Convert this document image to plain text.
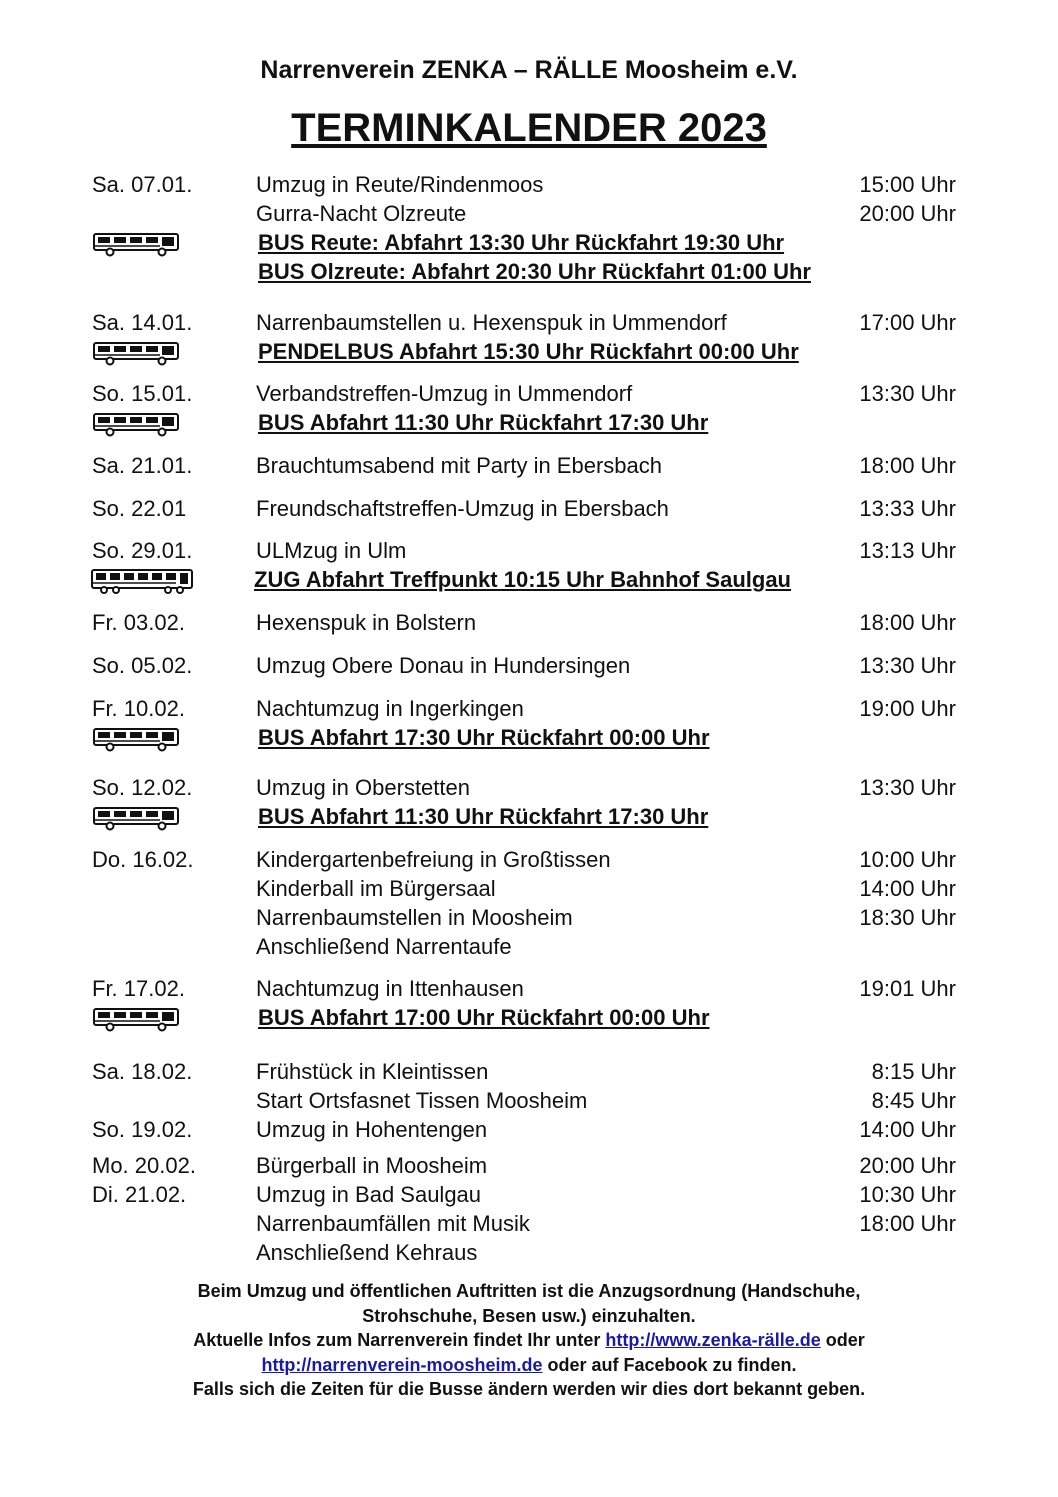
Narrenverein ZENKA – RÄLLE Moosheim e.V.
TERMINKALENDER 2023
Sa. 07.01.	Umzug in Reute/Rindenmoos	15:00 Uhr
Gurra-Nacht Olzreute	20:00 Uhr
BUS Reute: Abfahrt 13:30 Uhr Rückfahrt 19:30 Uhr
BUS Olzreute: Abfahrt 20:30 Uhr Rückfahrt 01:00 Uhr
Sa. 14.01.	Narrenbaumstellen u. Hexenspuk in Ummendorf	17:00 Uhr
PENDELBUS Abfahrt 15:30 Uhr Rückfahrt 00:00 Uhr
So. 15.01.	Verbandstreffen-Umzug in Ummendorf	13:30 Uhr
BUS Abfahrt 11:30 Uhr Rückfahrt 17:30 Uhr
Sa. 21.01.	Brauchtumsabend mit Party in Ebersbach	18:00 Uhr
So. 22.01	Freundschaftstreffen-Umzug in Ebersbach	13:33 Uhr
So. 29.01.	ULMzug in Ulm	13:13 Uhr
ZUG Abfahrt Treffpunkt 10:15 Uhr Bahnhof Saulgau
Fr. 03.02.	Hexenspuk in Bolstern	18:00 Uhr
So. 05.02.	Umzug Obere Donau in Hundersingen	13:30 Uhr
Fr. 10.02.	Nachtumzug in Ingerkingen	19:00 Uhr
BUS Abfahrt 17:30 Uhr Rückfahrt 00:00 Uhr
So. 12.02.	Umzug in Oberstetten	13:30 Uhr
BUS Abfahrt 11:30 Uhr Rückfahrt 17:30 Uhr
Do. 16.02.	Kindergartenbefreiung in Großtissen	10:00 Uhr
Kinderball im Bürgersaal	14:00 Uhr
Narrenbaumstellen in Moosheim	18:30 Uhr
Anschließend Narrentaufe
Fr. 17.02.	Nachtumzug in Ittenhausen	19:01 Uhr
BUS Abfahrt 17:00 Uhr Rückfahrt 00:00 Uhr
Sa. 18.02.	Frühstück in Kleintissen	8:15 Uhr
Start Ortsfasnet Tissen Moosheim	8:45 Uhr
So. 19.02.	Umzug in Hohentengen	14:00 Uhr
Mo. 20.02.	Bürgerball in Moosheim	20:00 Uhr
Di. 21.02.	Umzug in Bad Saulgau	10:30 Uhr
Narrenbaumfällen mit Musik	18:00 Uhr
Anschließend Kehraus
Beim Umzug und öffentlichen Auftritten ist die Anzugsordnung (Handschuhe,
Strohschuhe, Besen usw.) einzuhalten.
Aktuelle Infos zum Narrenverein findet Ihr unter http://www.zenka-rälle.de oder
http://narrenverein-moosheim.de oder auf Facebook zu finden.
Falls sich die Zeiten für die Busse ändern werden wir dies dort bekannt geben.
